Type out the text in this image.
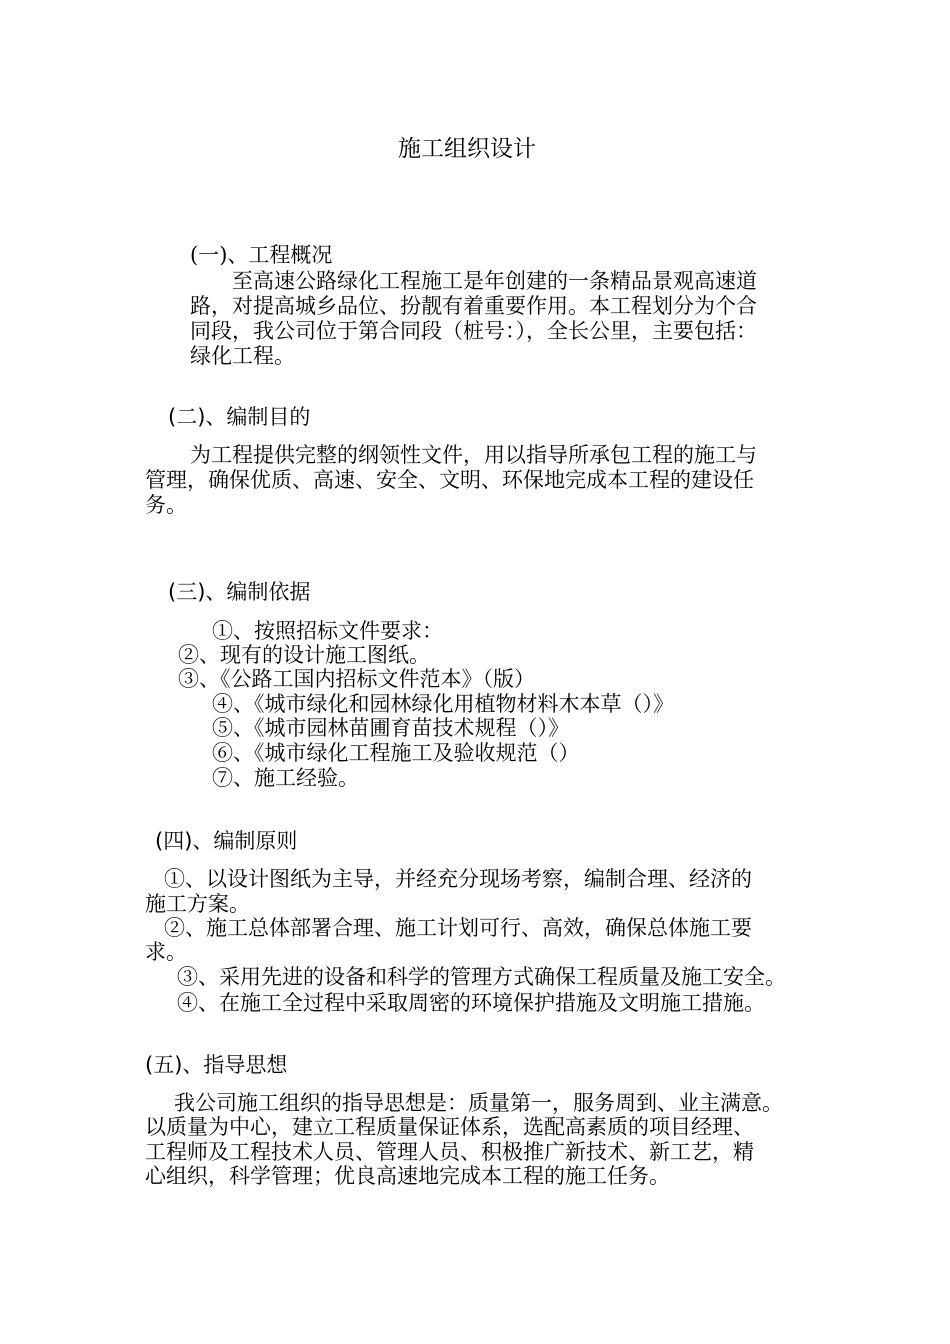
施工组织设计
(一)、工程概况
至高速公路绿化工程施工是年创建的一条精品景观高速道
路，对提高城乡品位、扮靓有着重要作用。本工程划分为个合
同段，我公司位于第合同段（桩号：），全长公里，主要包括：
绿化工程。
(二)、编制目的
为工程提供完整的纲领性文件，用以指导所承包工程的施工与
管理，确保优质、高速、安全、文明、环保地完成本工程的建设任
务。
(三)、编制依据
①、按照招标文件要求：
②、现有的设计施工图纸。
③、《公路工国内招标文件范本》（版）
④、《城市绿化和园林绿化用植物材料木本草（）》
⑤、《城市园林苗圃育苗技术规程（）》
⑥、《城市绿化工程施工及验收规范（）
⑦、施工经验。
(四)、编制原则
①、以设计图纸为主导，并经充分现场考察，编制合理、经济的
施工方案。
②、施工总体部署合理、施工计划可行、高效，确保总体施工要
求。
③、采用先进的设备和科学的管理方式确保工程质量及施工安全。
④、在施工全过程中采取周密的环境保护措施及文明施工措施。
(五)、指导思想
我公司施工组织的指导思想是：质量第一，服务周到、业主满意。
以质量为中心，建立工程质量保证体系，选配高素质的项目经理、
工程师及工程技术人员、管理人员、积极推广新技术、新工艺，精
心组织，科学管理；优良高速地完成本工程的施工任务。
